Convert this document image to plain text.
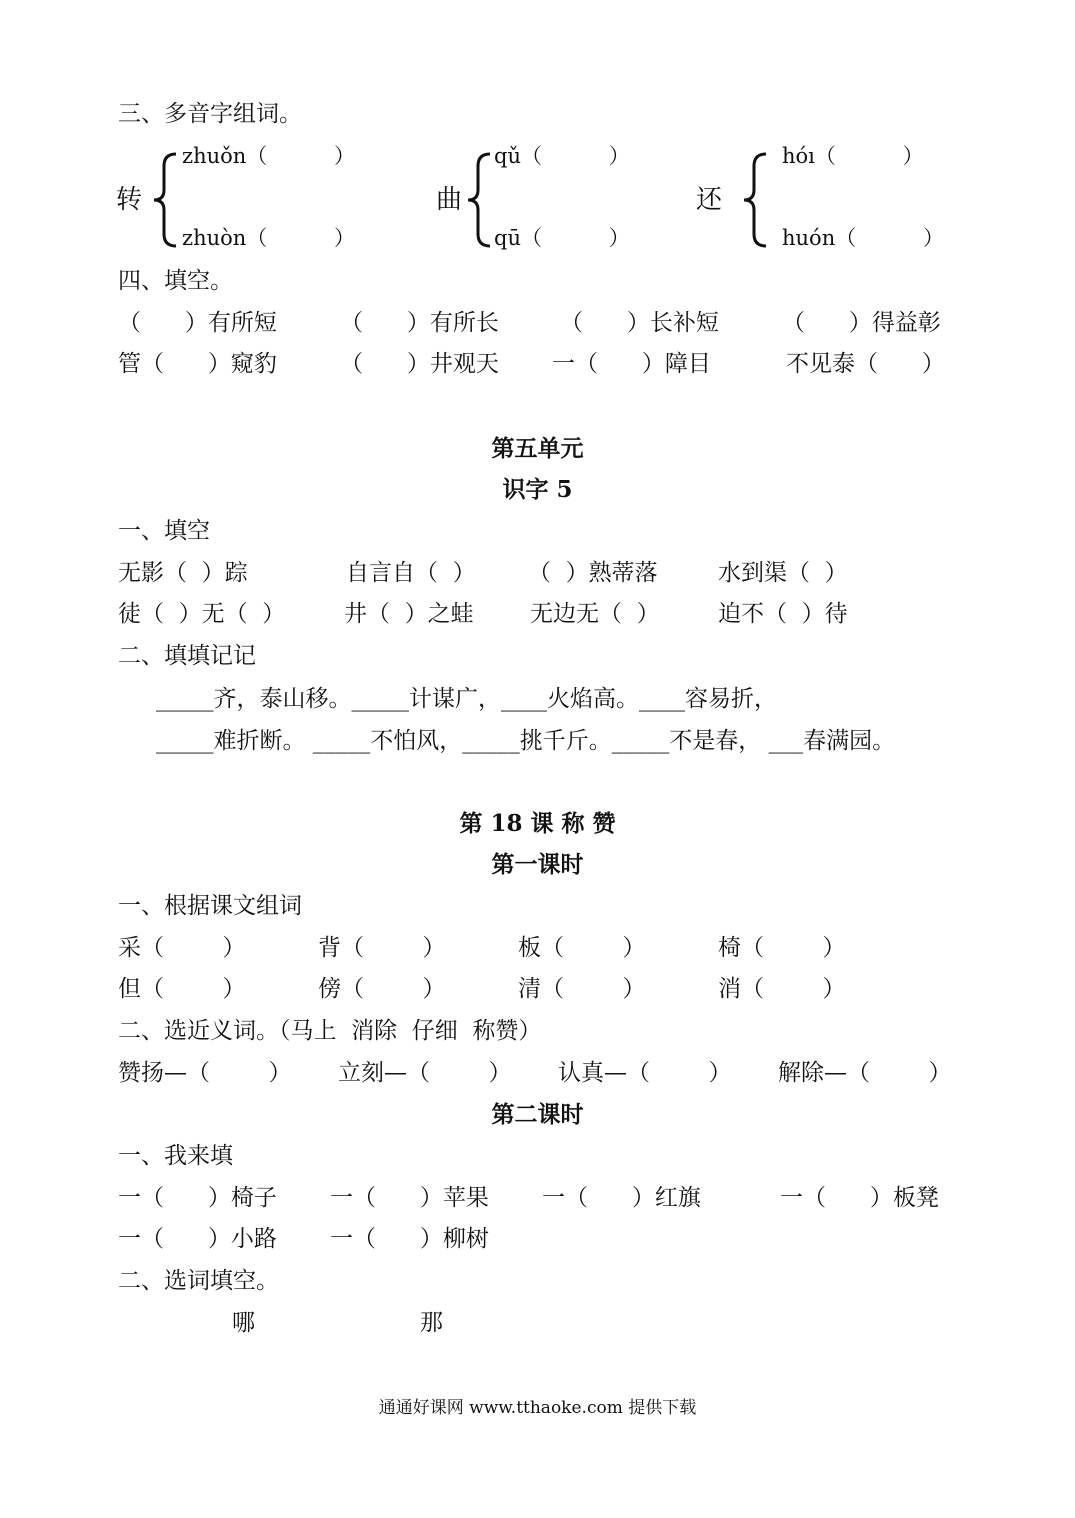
三、多音字组词。
转
zhuǒn（          ）
zhuòn（          ）
曲
qǔ（          ）
qū（          ）
还
hóı（          ）
huón（          ）
四、填空。
（      ）有所短	（      ）有所长	（      ）长补短	（      ）得益彰
管（      ）窥豹	（      ）井观天 一（      ）障目	不见泰（      ）
第五单元
识字 5
一、填空
无影（  ）踪	自言自（  ） （  ）熟蒂落	水到渠（  ）
徒（  ）无（  ）	井（  ）之蛙 无边无（  ）	迫不（  ）待
二、填填记记
_____齐，泰山移。_____计谋广，____火焰高。____容易折，
_____难折断。 _____不怕风，_____挑千斤。_____不是春， ___春满园。
第 18 课 称 赞
第一课时
一、根据课文组词
采（        ）	背（        ）	板（        ）	椅（        ）
但（        ）	傍（        ）	清（        ）	消（        ）
二、选近义词。（马上  消除  仔细  称赞）
赞扬—（        ） 立刻—（        ） 认真—（        ） 解除—（        ）
第二课时
一、我来填
一（      ）椅子 一（      ）苹果 一（      ）红旗	一（      ）板凳
一（      ）小路 一（      ）柳树
二、选词填空。
哪	那
通通好课网 www.tthaoke.com 提供下载
